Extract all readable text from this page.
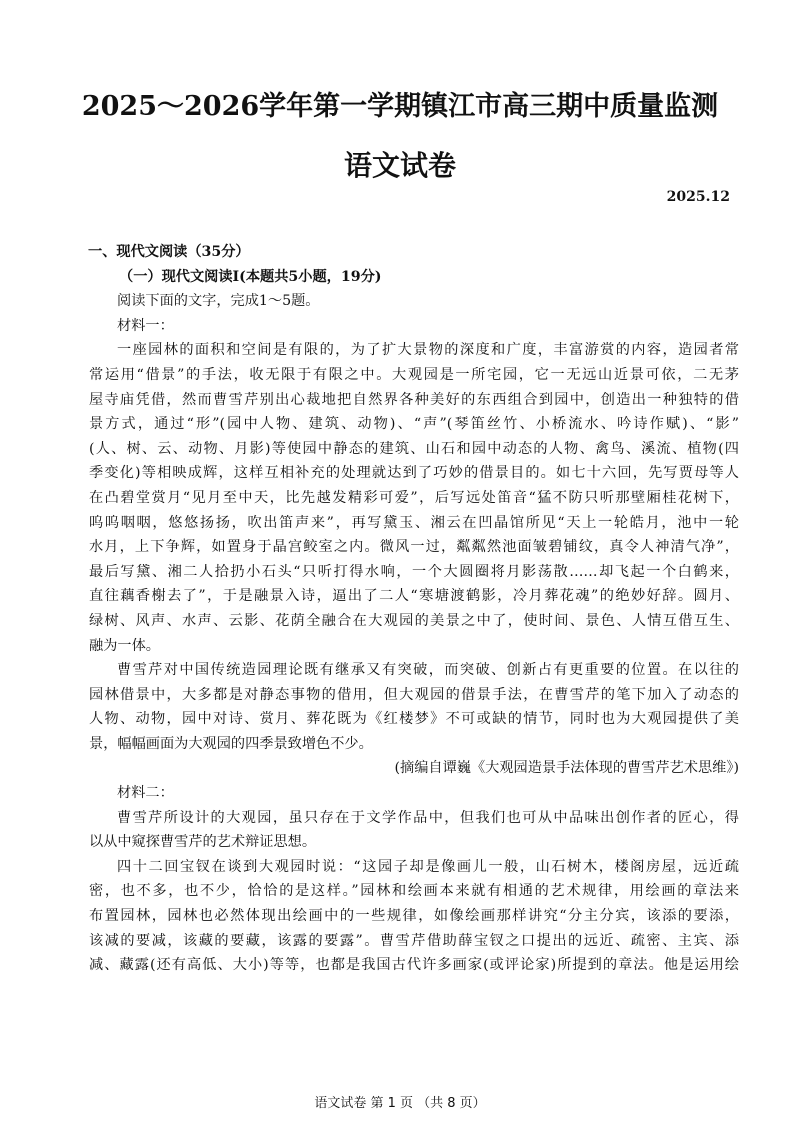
2025～2026学年第一学期镇江市高三期中质量监测
语文试卷
2025.12
一、现代文阅读（35分）
（一）现代文阅读Ⅰ(本题共5小题，19分)
阅读下面的文字，完成1～5题。
材料一：
一座园林的面积和空间是有限的，为了扩大景物的深度和广度，丰富游赏的内容，造园者常
常运用“借景”的手法，收无限于有限之中。大观园是一所宅园，它一无远山近景可依，二无茅
屋寺庙凭借，然而曹雪芹别出心裁地把自然界各种美好的东西组合到园中，创造出一种独特的借
景方式，通过“形”(园中人物、建筑、动物)、“声”(琴笛丝竹、小桥流水、吟诗作赋)、“影”
(人、树、云、动物、月影)等使园中静态的建筑、山石和园中动态的人物、禽鸟、溪流、植物(四
季变化)等相映成辉，这样互相补充的处理就达到了巧妙的借景目的。如七十六回，先写贾母等人
在凸碧堂赏月“见月至中天，比先越发精彩可爱”，后写远处笛音“猛不防只听那壁厢桂花树下，
呜呜咽咽，悠悠扬扬，吹出笛声来”，再写黛玉、湘云在凹晶馆所见“天上一轮皓月，池中一轮
水月，上下争辉，如置身于晶宫鲛室之内。微风一过，粼粼然池面皱碧铺纹，真令人神清气净”，
最后写黛、湘二人拾扔小石头“只听打得水响，一个大圆圈将月影荡散……却飞起一个白鹤来，
直往藕香榭去了”，于是融景入诗，逼出了二人“寒塘渡鹤影，冷月葬花魂”的绝妙好辞。圆月、
绿树、风声、水声、云影、花荫全融合在大观园的美景之中了，使时间、景色、人情互借互生、
融为一体。
曹雪芹对中国传统造园理论既有继承又有突破，而突破、创新占有更重要的位置。在以往的
园林借景中，大多都是对静态事物的借用，但大观园的借景手法，在曹雪芹的笔下加入了动态的
人物、动物，园中对诗、赏月、葬花既为《红楼梦》不可或缺的情节，同时也为大观园提供了美
景，幅幅画面为大观园的四季景致增色不少。
(摘编自谭巍《大观园造景手法体现的曹雪芹艺术思维》)
材料二：
曹雪芹所设计的大观园，虽只存在于文学作品中，但我们也可从中品味出创作者的匠心，得
以从中窥探曹雪芹的艺术辩证思想。
四十二回宝钗在谈到大观园时说：“这园子却是像画儿一般，山石树木，楼阁房屋，远近疏
密，也不多，也不少，恰恰的是这样。”园林和绘画本来就有相通的艺术规律，用绘画的章法来
布置园林，园林也必然体现出绘画中的一些规律，如像绘画那样讲究“分主分宾，该添的要添，
该减的要减，该藏的要藏，该露的要露”。曹雪芹借助薛宝钗之口提出的远近、疏密、主宾、添
减、藏露(还有高低、大小)等等，也都是我国古代许多画家(或评论家)所提到的章法。他是运用绘
语文试卷 第 1 页 （共 8 页）
